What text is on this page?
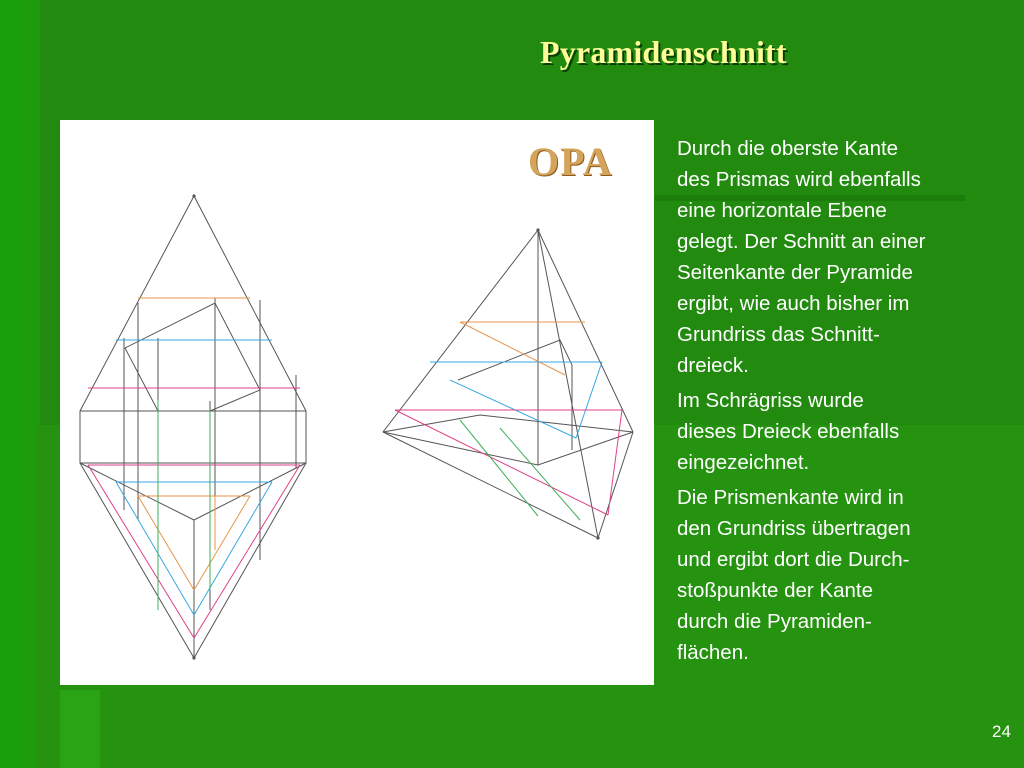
Pyramidenschnitt
OPA	Durch die oberste Kante
des Prismas wird ebenfalls
eine horizontale Ebene
gelegt. Der Schnitt an einer
Seitenkante der Pyramide
ergibt, wie auch bisher im
Grundriss das Schnitt-
dreieck.

Im Schrägriss wurde
dieses Dreieck ebenfalls
eingezeichnet.

Die Prismenkante wird in
den Grundriss übertragen
und ergibt dort die Durch-
stoßpunkte der Kante
durch die Pyramiden-
flächen.

24
